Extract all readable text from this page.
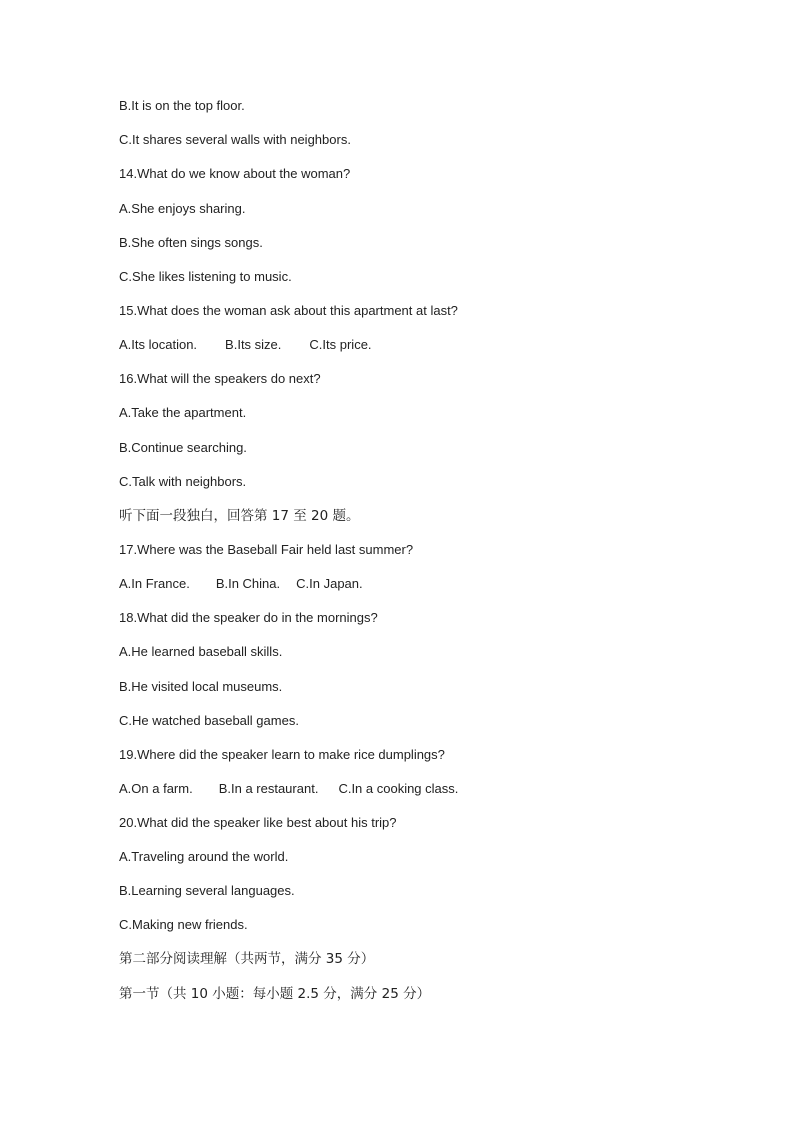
B.It is on the top floor.
C.It shares several walls with neighbors.
14.What do we know about the woman?
A.She enjoys sharing.
B.She often sings songs.
C.She likes listening to music.
15.What does the woman ask about this apartment at last?
A.Its location. B.Its size. C.Its price.
16.What will the speakers do next?
A.Take the apartment.
B.Continue searching.
C.Talk with neighbors.
听下面一段独白，回答第 17 至 20 题。
17.Where was the Baseball Fair held last summer?
A.In France. B.In China. C.In Japan.
18.What did the speaker do in the mornings?
A.He learned baseball skills.
B.He visited local museums.
C.He watched baseball games.
19.Where did the speaker learn to make rice dumplings?
A.On a farm. B.In a restaurant. C.In a cooking class.
20.What did the speaker like best about his trip?
A.Traveling around the world.
B.Learning several languages.
C.Making new friends.
第二部分阅读理解（共两节，满分 35 分）
第一节（共 10 小题：每小题 2.5 分，满分 25 分）
